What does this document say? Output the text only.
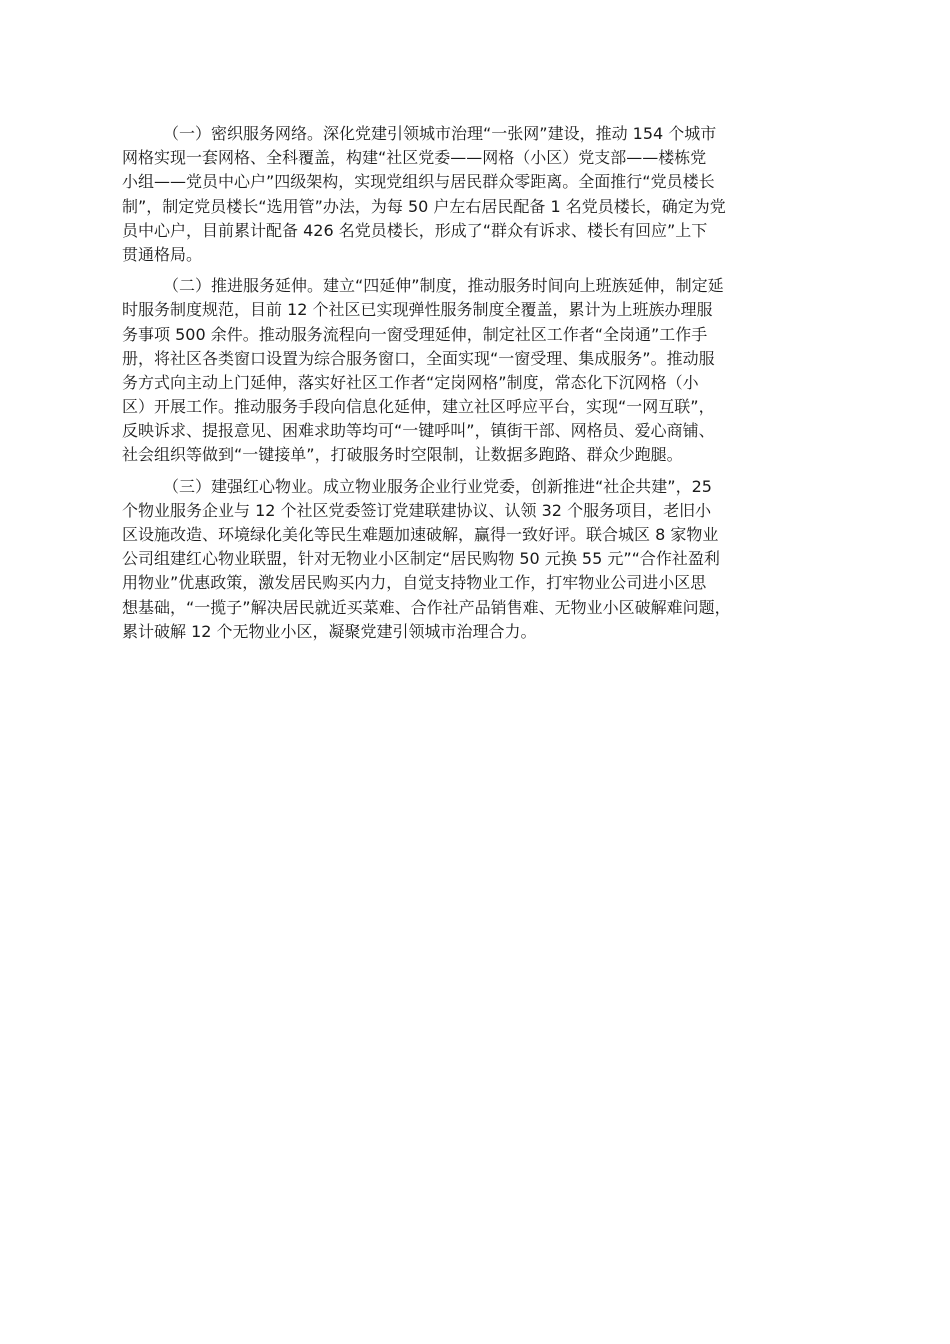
（一）密织服务网络。深化党建引领城市治理“一张网”建设，推动 154 个城市
网格实现一套网格、全科覆盖，构建“社区党委——网格（小区）党支部——楼栋党
小组——党员中心户”四级架构，实现党组织与居民群众零距离。全面推行“党员楼长
制”，制定党员楼长“选用管”办法，为每 50 户左右居民配备 1 名党员楼长，确定为党
员中心户，目前累计配备 426 名党员楼长，形成了“群众有诉求、楼长有回应”上下
贯通格局。

（二）推进服务延伸。建立“四延伸”制度，推动服务时间向上班族延伸，制定延
时服务制度规范，目前 12 个社区已实现弹性服务制度全覆盖，累计为上班族办理服
务事项 500 余件。推动服务流程向一窗受理延伸，制定社区工作者“全岗通”工作手
册，将社区各类窗口设置为综合服务窗口，全面实现“一窗受理、集成服务”。推动服
务方式向主动上门延伸，落实好社区工作者“定岗网格”制度，常态化下沉网格（小
区）开展工作。推动服务手段向信息化延伸，建立社区呼应平台，实现“一网互联”，
反映诉求、提报意见、困难求助等均可“一键呼叫”，镇街干部、网格员、爱心商铺、
社会组织等做到“一键接单”，打破服务时空限制，让数据多跑路、群众少跑腿。

（三）建强红心物业。成立物业服务企业行业党委，创新推进“社企共建”，25
个物业服务企业与 12 个社区党委签订党建联建协议、认领 32 个服务项目，老旧小
区设施改造、环境绿化美化等民生难题加速破解，赢得一致好评。联合城区 8 家物业
公司组建红心物业联盟，针对无物业小区制定“居民购物 50 元换 55 元”“合作社盈利
用物业”优惠政策，激发居民购买内力，自觉支持物业工作，打牢物业公司进小区思
想基础，“一揽子”解决居民就近买菜难、合作社产品销售难、无物业小区破解难问题，
累计破解 12 个无物业小区，凝聚党建引领城市治理合力。
